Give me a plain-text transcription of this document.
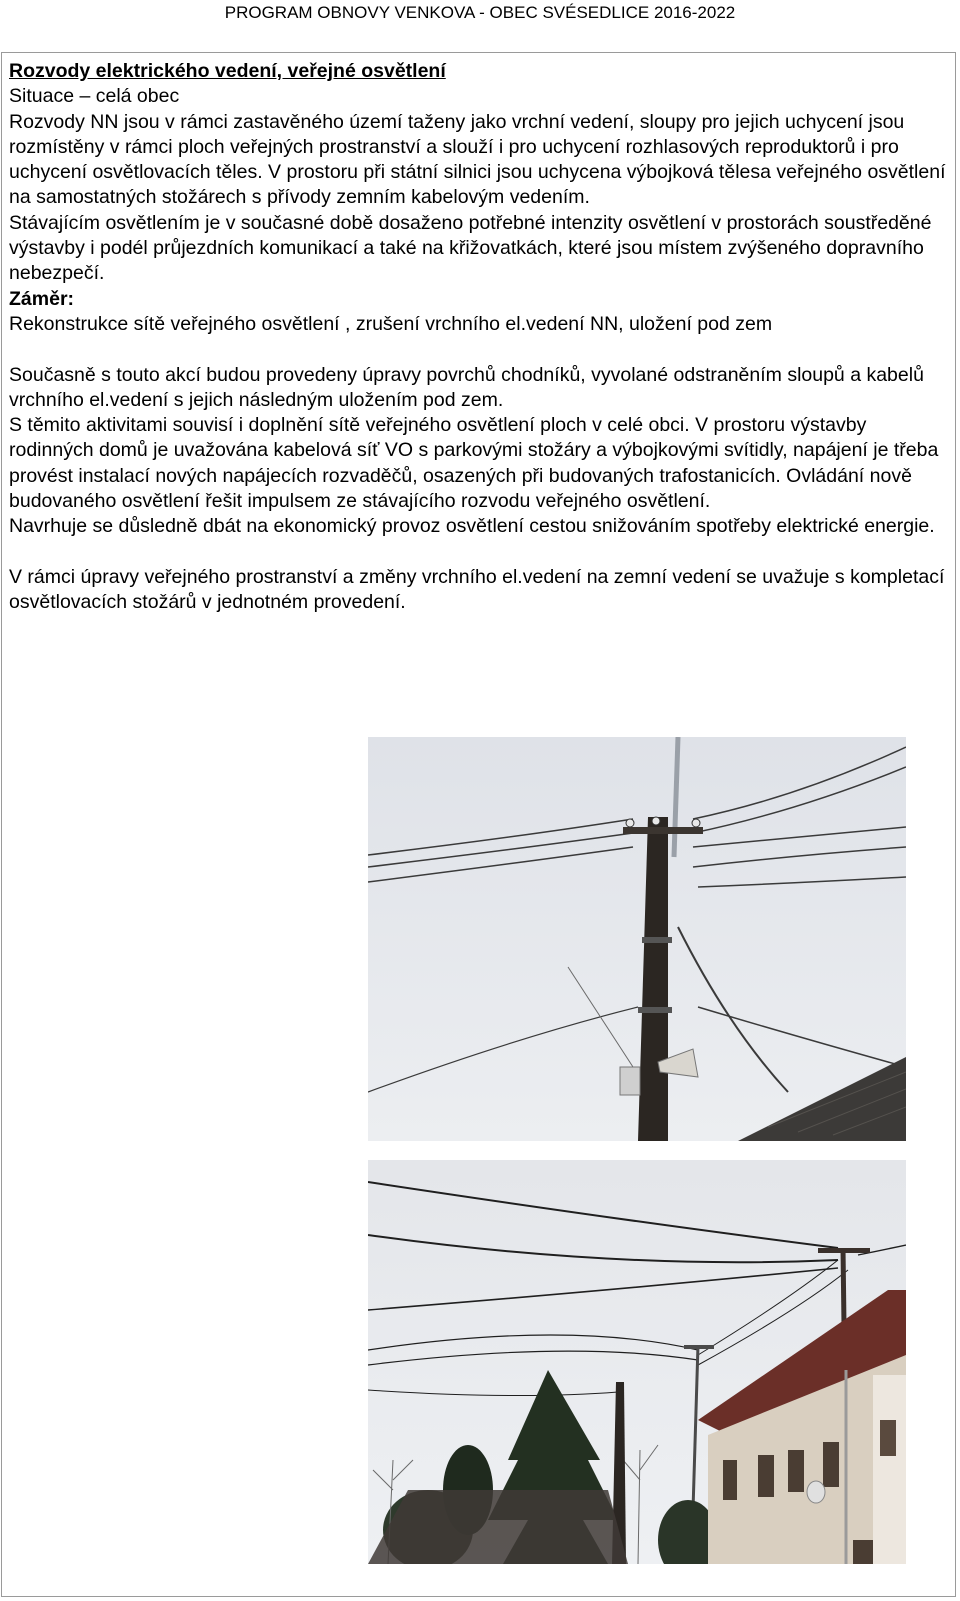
PROGRAM OBNOVY VENKOVA - OBEC SVÉSEDLICE 2016-2022

Rozvody elektrického vedení, veřejné osvětlení

Situace – celá obec

Rozvody NN jsou v rámci zastavěného území taženy jako vrchní vedení, sloupy pro jejich uchycení jsou rozmístěny v rámci ploch veřejných prostranství a slouží i pro uchycení rozhlasových reproduktorů i pro uchycení osvětlovacích těles. V prostoru při státní silnici jsou uchycena výbojková tělesa veřejného osvětlení na samostatných stožárech s přívody zemním kabelovým vedením.

Stávajícím osvětlením je v současné době dosaženo potřebné intenzity osvětlení v prostorách soustředěné výstavby i podél průjezdních komunikací a také na křižovatkách, které jsou místem zvýšeného dopravního nebezpečí.

Záměr:

Rekonstrukce sítě veřejného osvětlení , zrušení vrchního el.vedení NN, uložení pod zem

Současně s touto akcí budou provedeny úpravy povrchů chodníků, vyvolané odstraněním sloupů a kabelů vrchního el.vedení s jejich následným uložením pod zem.

S těmito aktivitami souvisí i doplnění sítě veřejného osvětlení ploch v celé obci. V prostoru výstavby rodinných domů je uvažována kabelová síť VO s parkovými stožáry a výbojkovými svítidly, napájení je třeba provést instalací nových napájecích rozvaděčů, osazených při budovaných trafostanicích. Ovládání nově budovaného osvětlení řešit impulsem ze stávajícího rozvodu veřejného osvětlení.

Navrhuje se důsledně dbát na ekonomický provoz osvětlení cestou snižováním spotřeby elektrické energie.

V rámci úpravy veřejného prostranství a změny vrchního el.vedení na zemní vedení se uvažuje s kompletací osvětlovacích stožárů v jednotném provedení.
